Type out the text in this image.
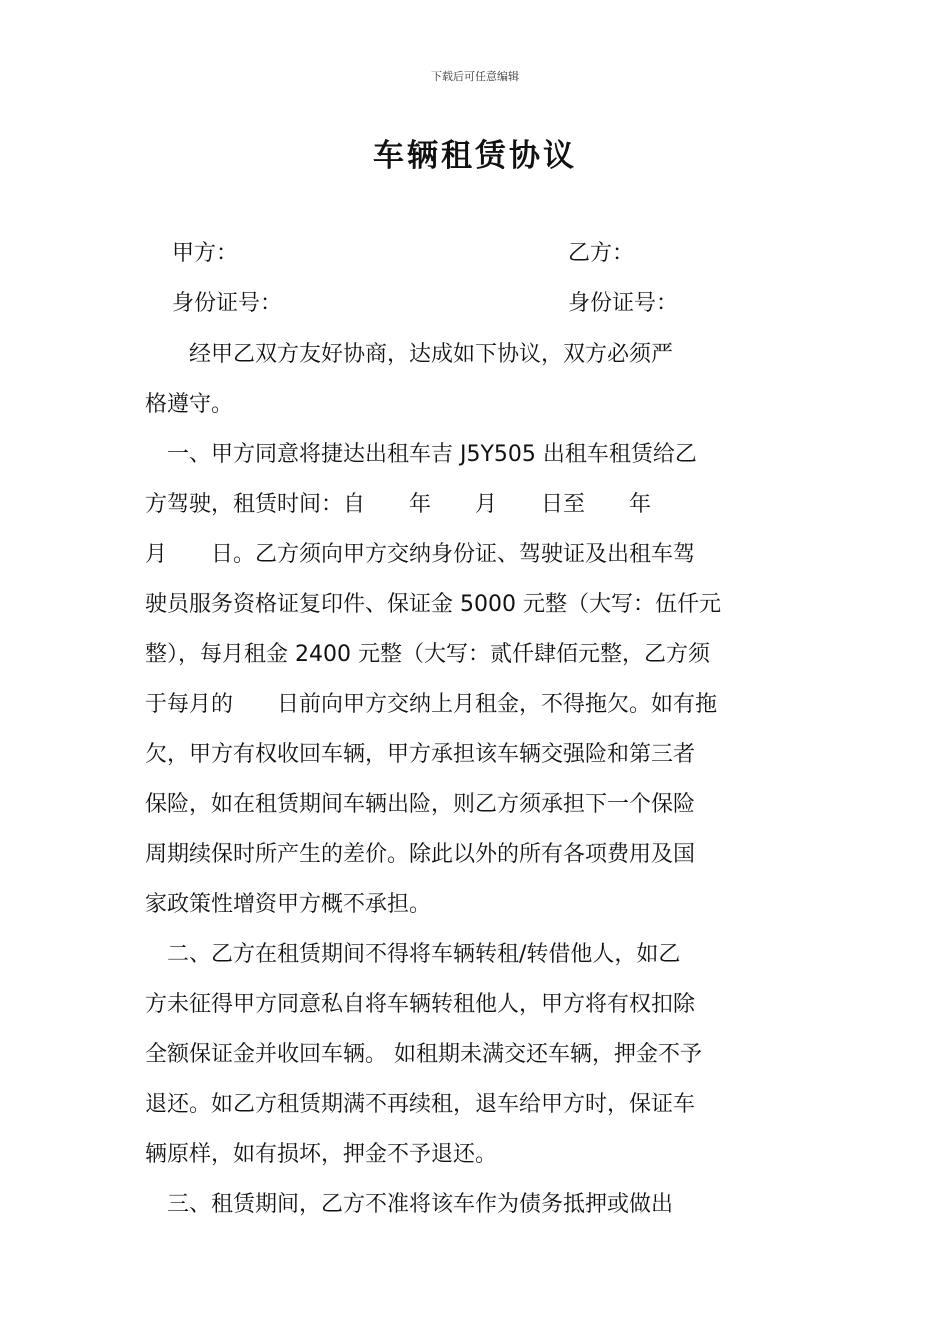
下载后可任意编辑
车辆租赁协议
甲方：	乙方：
身份证号：	身份证号：
　　经甲乙双方友好协商，达成如下协议，双方必须严
格遵守。
　一、甲方同意将捷达出租车吉 J5Y505 出租车租赁给乙
方驾驶，租赁时间：自　　年　　月　　日至　　年
月　　日。乙方须向甲方交纳身份证、驾驶证及出租车驾
驶员服务资格证复印件、保证金 5000 元整（大写：伍仟元
整），每月租金 2400 元整（大写：贰仟肆佰元整，乙方须
于每月的　　日前向甲方交纳上月租金，不得拖欠。如有拖
欠，甲方有权收回车辆，甲方承担该车辆交强险和第三者
保险，如在租赁期间车辆出险，则乙方须承担下一个保险
周期续保时所产生的差价。除此以外的所有各项费用及国
家政策性增资甲方概不承担。
　二、乙方在租赁期间不得将车辆转租/转借他人，如乙
方未征得甲方同意私自将车辆转租他人，甲方将有权扣除
全额保证金并收回车辆。 如租期未满交还车辆，押金不予
退还。如乙方租赁期满不再续租，退车给甲方时，保证车
辆原样，如有损坏，押金不予退还。
　三、租赁期间，乙方不准将该车作为债务抵押或做出
